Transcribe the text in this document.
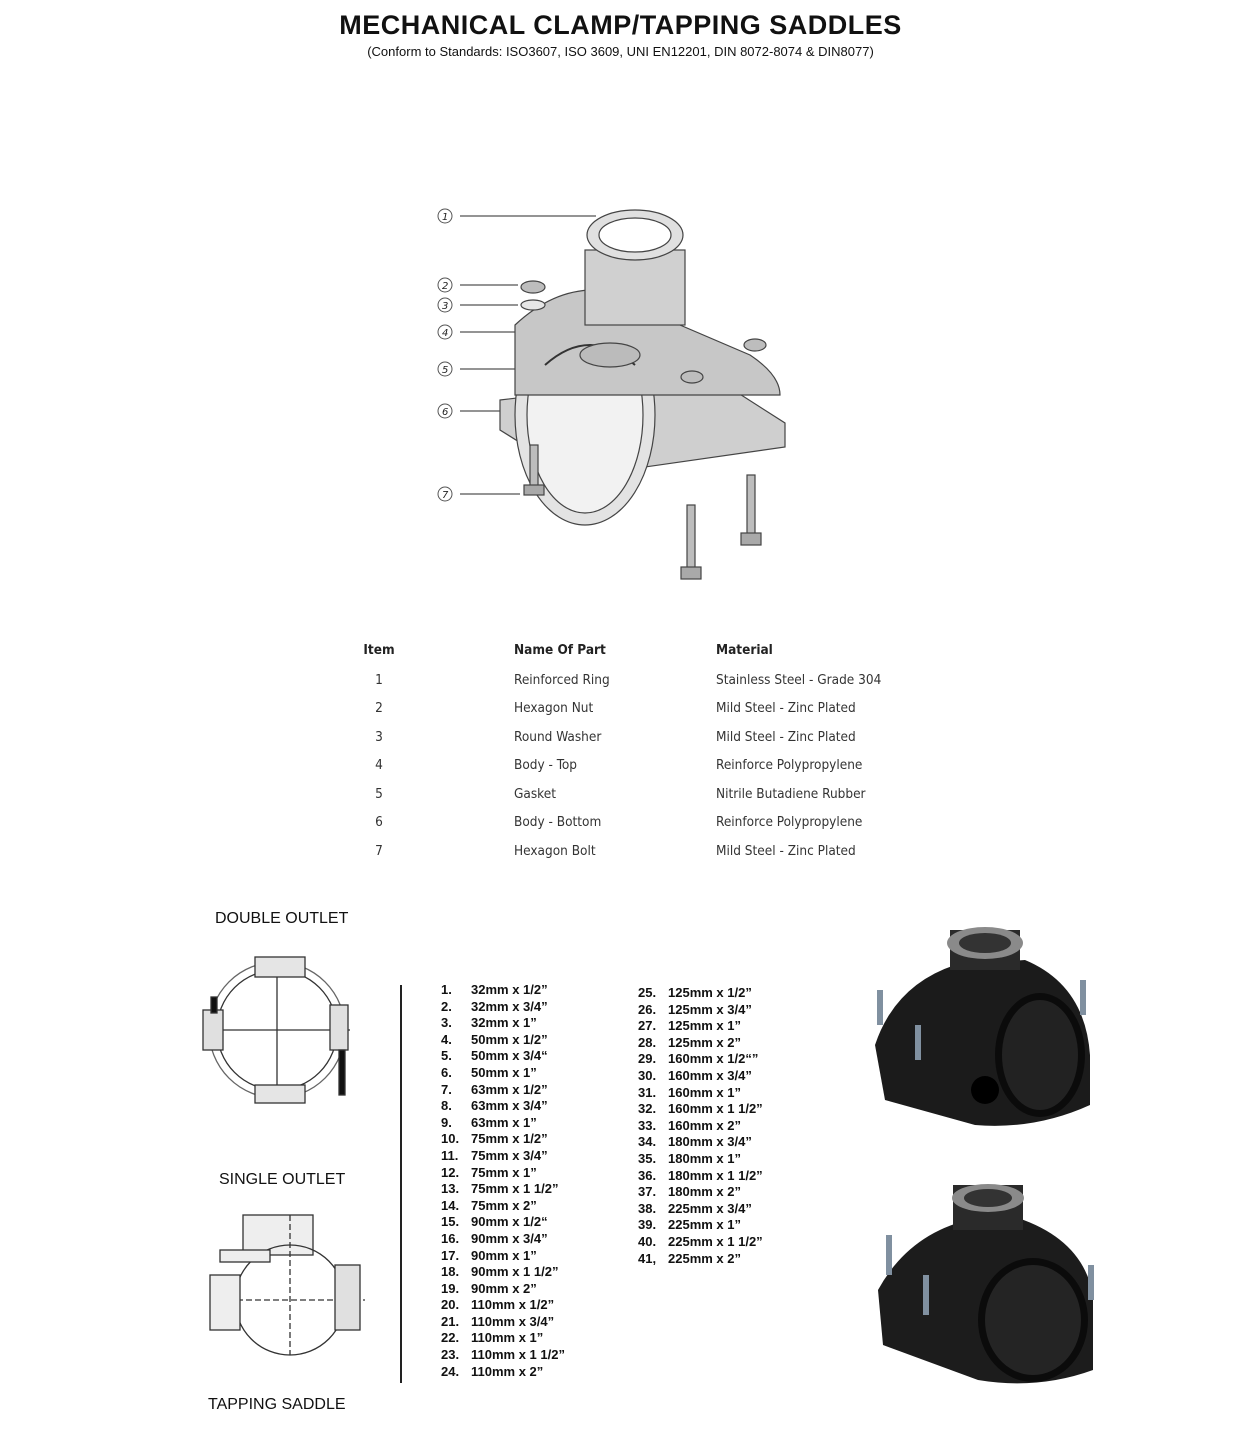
MECHANICAL CLAMP/TAPPING SADDLES
(Conform to Standards: ISO3607, ISO 3609, UNI EN12201, DIN 8072-8074 & DIN8077)
1
2
3
4
5
6
7
Item	Name Of Part	Material
1	Reinforced Ring	Stainless Steel - Grade 304
2	Hexagon Nut	Mild Steel - Zinc Plated
3	Round Washer	Mild Steel - Zinc Plated
4	Body - Top	Reinforce Polypropylene
5	Gasket	Nitrile Butadiene Rubber
6	Body - Bottom	Reinforce Polypropylene
7	Hexagon Bolt	Mild Steel - Zinc Plated
DOUBLE OUTLET
SINGLE OUTLET
TAPPING SADDLE
1. 32mm x 1/2”
2. 32mm x 3/4”
3. 32mm x 1”
4. 50mm x 1/2”
5. 50mm x 3/4“
6. 50mm x 1”
7. 63mm x 1/2”
8. 63mm x 3/4”
9. 63mm x 1”
10. 75mm x 1/2”
11. 75mm x 3/4”
12. 75mm x 1”
13. 75mm x 1 1/2”
14. 75mm x 2”
15. 90mm x 1/2“
16. 90mm x 3/4”
17. 90mm x 1”
18. 90mm x 1 1/2”
19. 90mm x 2”
20. 110mm x 1/2”
21. 110mm x 3/4”
22. 110mm x 1”
23. 110mm x 1 1/2”
24. 110mm x 2”
25. 125mm x 1/2”
26. 125mm x 3/4”
27. 125mm x 1”
28. 125mm x 2”
29. 160mm x 1/2“”
30. 160mm x 3/4”
31. 160mm x 1”
32. 160mm x 1 1/2”
33. 160mm x 2”
34. 180mm x 3/4”
35. 180mm x 1”
36. 180mm x 1 1/2”
37. 180mm x 2”
38. 225mm x 3/4”
39. 225mm x 1”
40. 225mm x 1 1/2”
41, 225mm x 2”
